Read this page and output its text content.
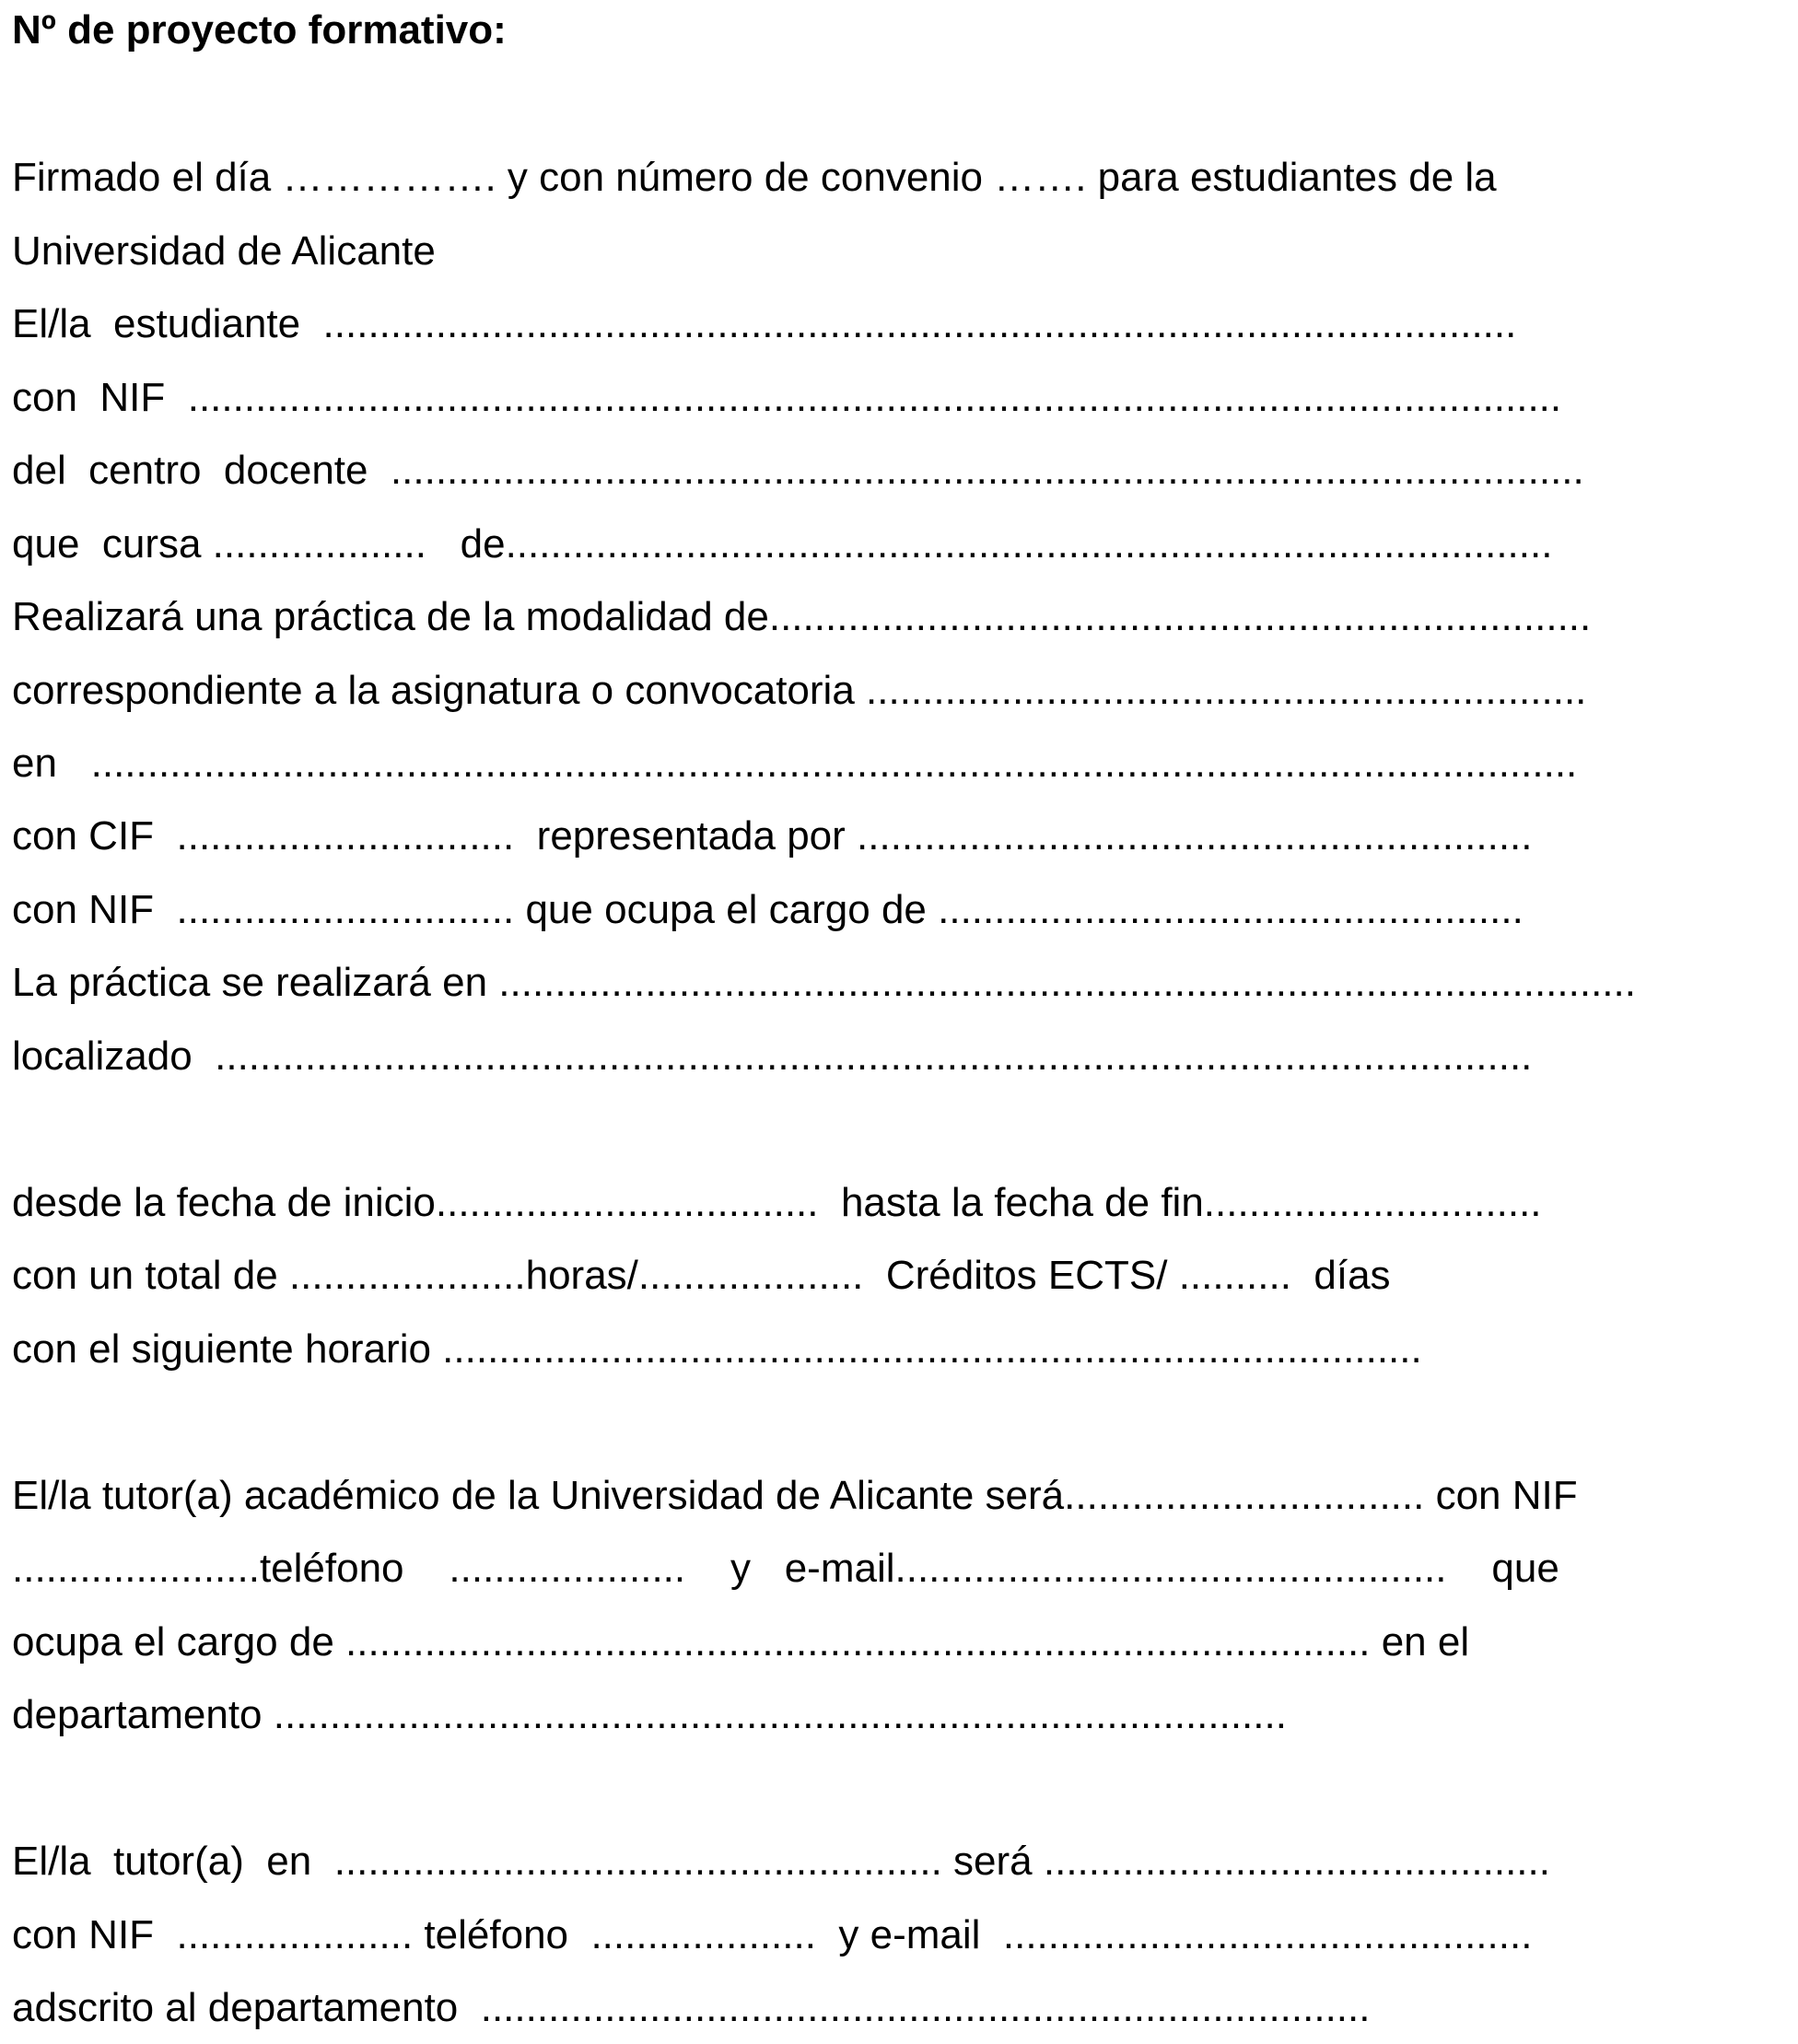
Nº de proyecto formativo:
Firmado el día ……………. y con número de convenio ……. para estudiantes de la
Universidad de Alicante
El/la  estudiante  ..........................................................................................................
con  NIF  ..........................................................................................................................
del  centro  docente  ..........................................................................................................
que  cursa ...................   de.............................................................................................
Realizará una práctica de la modalidad de.........................................................................
correspondiente a la asignatura o convocatoria ................................................................
en   ....................................................................................................................................
con CIF  ..............................  representada por ............................................................
con NIF  .............................. que ocupa el cargo de ....................................................
La práctica se realizará en .....................................................................................................
localizado  .....................................................................................................................
desde la fecha de inicio..................................  hasta la fecha de fin..............................
con un total de .....................horas/....................  Créditos ECTS/ ..........  días
con el siguiente horario .......................................................................................
El/la tutor(a) académico de la Universidad de Alicante será................................ con NIF
......................teléfono    .....................    y   e-mail.................................................    que
ocupa el cargo de ........................................................................................... en el
departamento ..........................................................................................
El/la  tutor(a)  en  ...................................................... será .............................................
con NIF  ..................... teléfono  ....................  y e-mail  ...............................................
adscrito al departamento  ...............................................................................
